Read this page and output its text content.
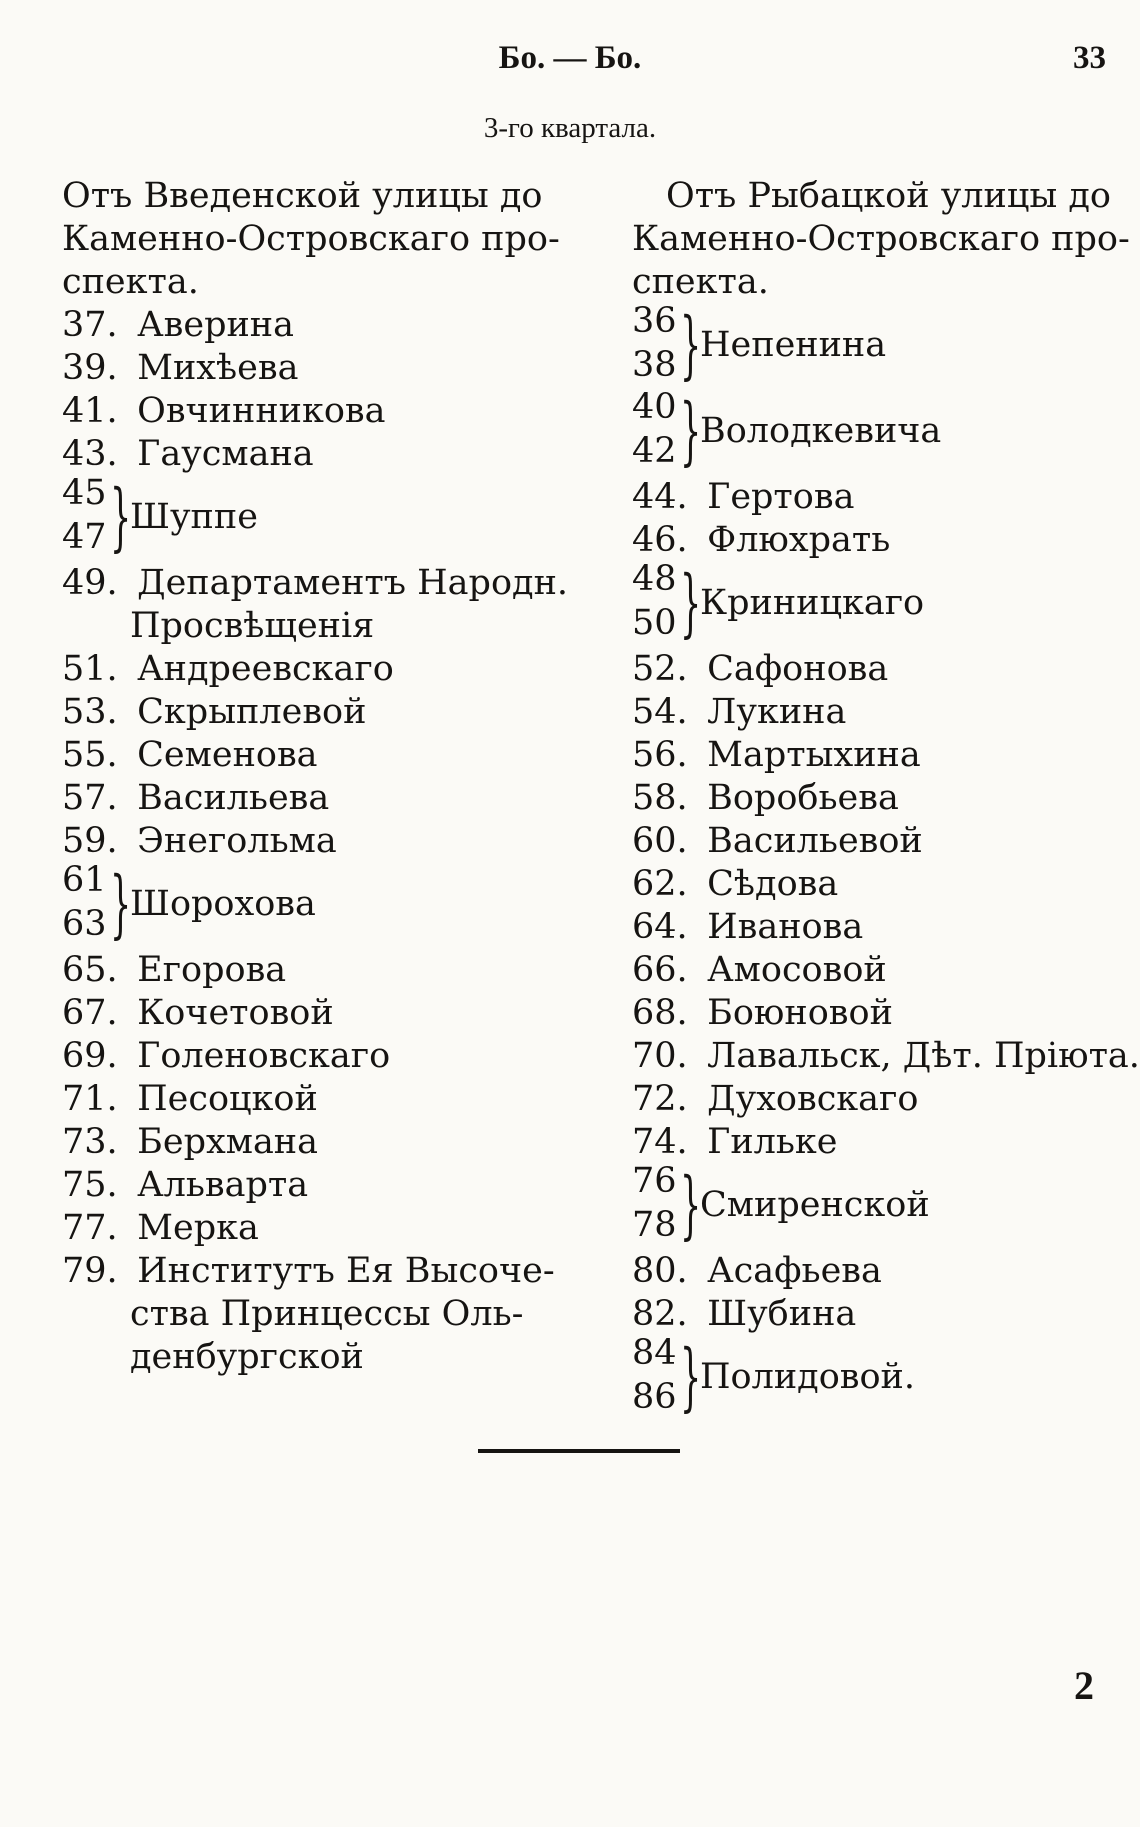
Бо. — Бо.	33
3-го квартала.
Отъ Введенской улицы до
Каменно-Островскаго про-
спекта.
37. Аверина
39. Михѣева
41. Овчинникова
43. Гаусмана
45
47 }
Шуппе
49. Департаментъ Народн.
Просвѣщенія
51. Андреевскаго
53. Скрыплевой
55. Семенова
57. Васильева
59. Энегольма
61
63 }
Шорохова
65. Егорова
67. Кочетовой
69. Голеновскаго
71. Песоцкой
73. Берхмана
75. Альварта
77. Мерка
79. Институтъ Ея Высоче-
ства Принцессы Оль-
денбургской
Отъ Рыбацкой улицы до
Каменно-Островскаго про-
спекта.
36
38 }
Непенина
40
42 }
Володкевича
44. Гертова
46. Флюхрать
48
50 }
Криницкаго
52. Сафонова
54. Лукина
56. Мартыхина
58. Воробьева
60. Васильевой
62. Сѣдова
64. Иванова
66. Амосовой
68. Боюновой
70. Лавальск, Дѣт. Пріюта.
72. Духовскаго
74. Гилькe
76
78 }
Смиренской
80. Асафьева
82. Шубина
84
86 }
Полидовой.
2
